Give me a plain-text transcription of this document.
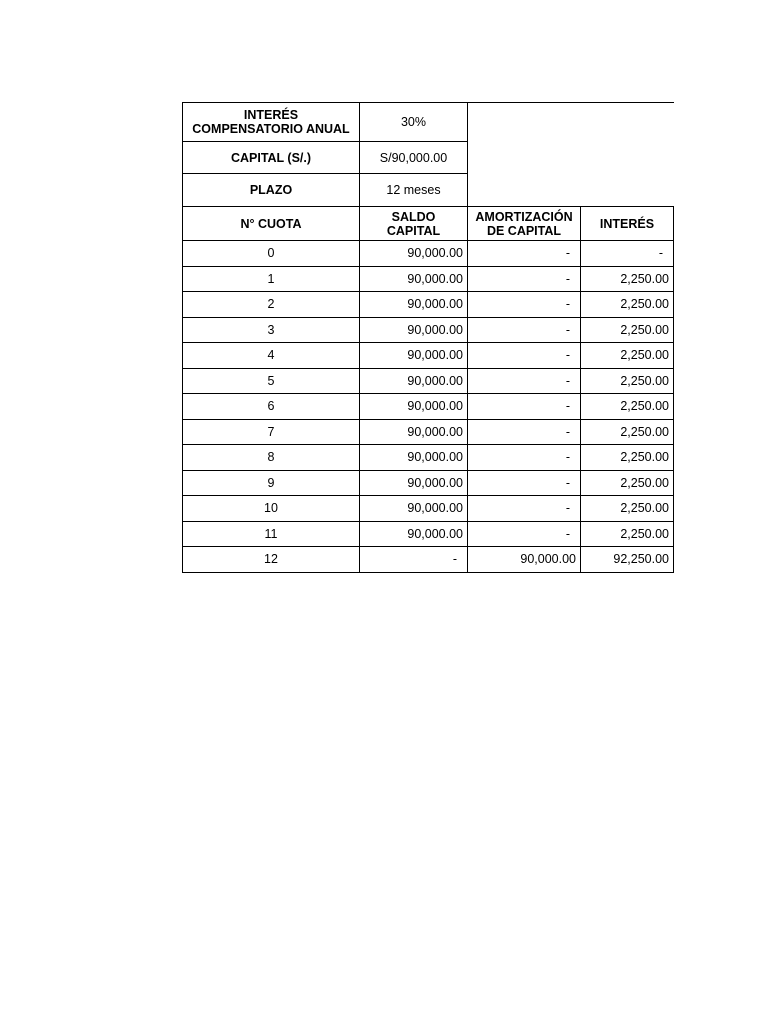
INTERÉS COMPENSATORIO ANUAL	30%		
CAPITAL (S/.)	S/90,000.00		
PLAZO	12 meses		
N° CUOTA	SALDO CAPITAL	AMORTIZACIÓN DE CAPITAL	INTERÉS
0	90,000.00	-	-
1	90,000.00	-	2,250.00
2	90,000.00	-	2,250.00
3	90,000.00	-	2,250.00
4	90,000.00	-	2,250.00
5	90,000.00	-	2,250.00
6	90,000.00	-	2,250.00
7	90,000.00	-	2,250.00
8	90,000.00	-	2,250.00
9	90,000.00	-	2,250.00
10	90,000.00	-	2,250.00
11	90,000.00	-	2,250.00
12	-	90,000.00	92,250.00
